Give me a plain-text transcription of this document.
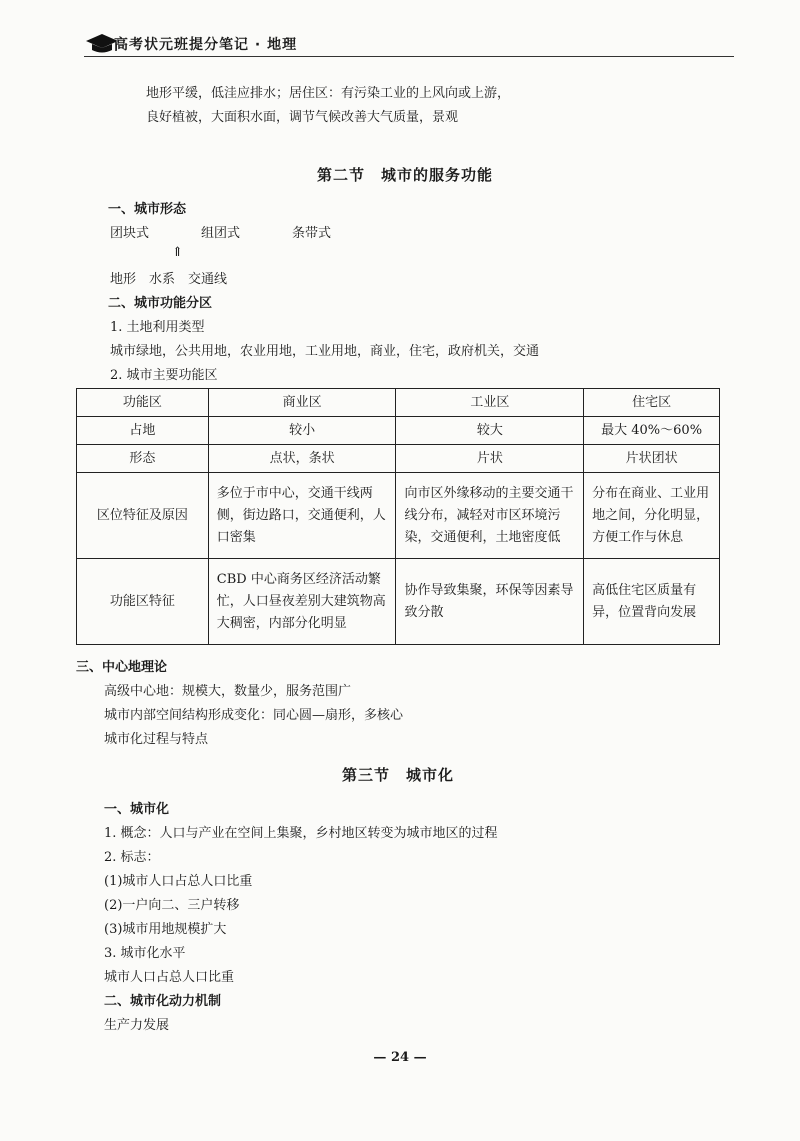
高考状元班提分笔记 · 地理
地形平缓，低洼应排水；居住区：有污染工业的上风向或上游，
良好植被，大面积水面，调节气候改善大气质量，景观
第二节　城市的服务功能
一、城市形态
团块式　　　　组团式　　　　条带式
⇑
地形　水系　交通线
二、城市功能分区
1. 土地利用类型
城市绿地，公共用地，农业用地，工业用地，商业，住宅，政府机关，交通
2. 城市主要功能区
功能区	商业区	工业区	住宅区
占地	较小	较大	最大 40%～60%
形态	点状，条状	片状	片状团状
区位特征及原因	多位于市中心，交通干线两侧，街边路口，交通便利，人口密集	向市区外缘移动的主要交通干线分布，减轻对市区环境污染，交通便利，土地密度低	分布在商业、工业用地之间，分化明显，方便工作与休息
功能区特征	CBD 中心商务区经济活动繁忙，人口昼夜差别大建筑物高大稠密，内部分化明显	协作导致集聚，环保等因素导致分散	高低住宅区质量有异，位置背向发展
三、中心地理论
高级中心地：规模大，数量少，服务范围广
城市内部空间结构形成变化：同心圆—扇形，多核心
城市化过程与特点
第三节　城市化
一、城市化
1. 概念：人口与产业在空间上集聚，乡村地区转变为城市地区的过程
2. 标志：
(1)城市人口占总人口比重
(2)一户向二、三户转移
(3)城市用地规模扩大
3. 城市化水平
城市人口占总人口比重
二、城市化动力机制
生产力发展
— 24 —
